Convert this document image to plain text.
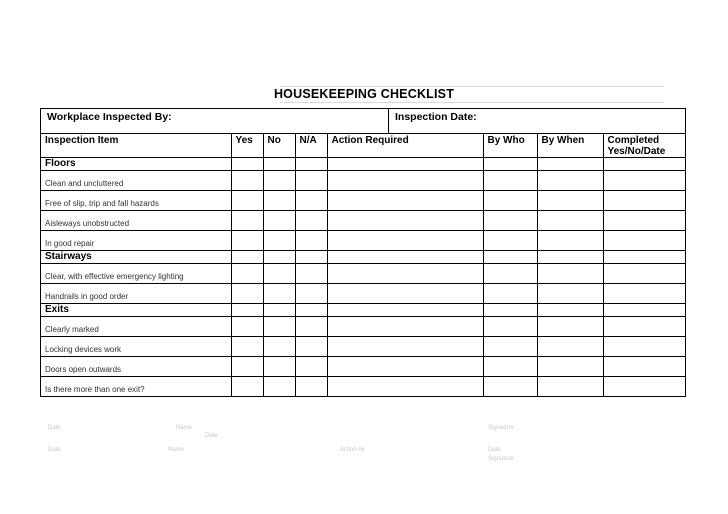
HOUSEKEEPING CHECKLIST
Workplace Inspected By:	Inspection Date:
Inspection Item	Yes	No	N/A	Action Required	By Who	By When	Completed
Yes/No/Date
Floors							
Clean and uncluttered							
Free of slip, trip and fall hazards							
Aisleways unobstructed							
In good repair							
Stairways							
Clear, with effective emergency lighting							
Handrails in good order							
Exits							
Clearly marked							
Locking devices work							
Doors open outwards							
Is there more than one exit?							
Date	Name	Signature
Date	Name	Action by	Date
Signature
Date
